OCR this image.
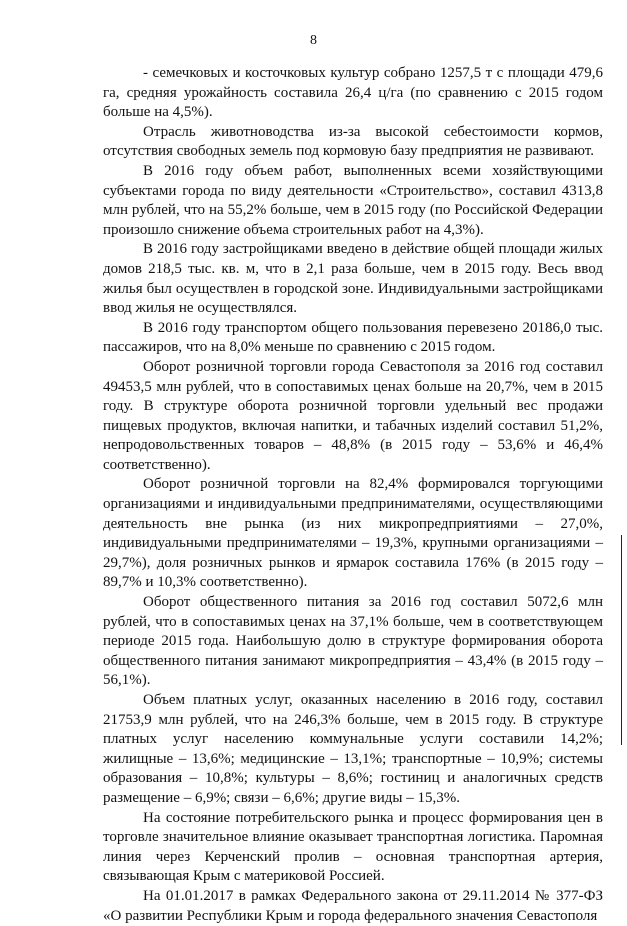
8

- семечковых и косточковых культур собрано 1257,5 т с площади 479,6 га, средняя урожайность составила 26,4 ц/га (по сравнению с 2015 годом больше на 4,5%).

Отрасль животноводства из-за высокой себестоимости кормов, отсутствия свободных земель под кормовую базу предприятия не развивают.

В 2016 году объем работ, выполненных всеми хозяйствующими субъектами города по виду деятельности «Строительство», составил 4313,8 млн рублей, что на 55,2% больше, чем в 2015 году (по Российской Федерации произошло снижение объема строительных работ на 4,3%).

В 2016 году застройщиками введено в действие общей площади жилых домов 218,5 тыс. кв. м, что в 2,1 раза больше, чем в 2015 году. Весь ввод жилья был осуществлен в городской зоне. Индивидуальными застройщиками ввод жилья не осуществлялся.

В 2016 году транспортом общего пользования перевезено 20186,0 тыс. пассажиров, что на 8,0% меньше по сравнению с 2015 годом.

Оборот розничной торговли города Севастополя за 2016 год составил 49453,5 млн рублей, что в сопоставимых ценах больше на 20,7%, чем в 2015 году. В структуре оборота розничной торговли удельный вес продажи пищевых продуктов, включая напитки, и табачных изделий составил 51,2%, непродовольственных товаров – 48,8% (в 2015 году – 53,6% и 46,4% соответственно).

Оборот розничной торговли на 82,4% формировался торгующими организациями и индивидуальными предпринимателями, осуществляющими деятельность вне рынка (из них микропредприятиями – 27,0%, индивидуальными предпринимателями – 19,3%, крупными организациями – 29,7%), доля розничных рынков и ярмарок составила 176% (в 2015 году – 89,7% и 10,3% соответственно).

Оборот общественного питания за 2016 год составил 5072,6 млн рублей, что в сопоставимых ценах на 37,1% больше, чем в соответствующем периоде 2015 года. Наибольшую долю в структуре формирования оборота общественного питания занимают микропредприятия – 43,4% (в 2015 году – 56,1%).

Объем платных услуг, оказанных населению в 2016 году, составил 21753,9 млн рублей, что на 246,3% больше, чем в 2015 году. В структуре платных услуг населению коммунальные услуги составили 14,2%; жилищные – 13,6%; медицинские – 13,1%; транспортные – 10,9%; системы образования – 10,8%; культуры – 8,6%; гостиниц и аналогичных средств размещение – 6,9%; связи – 6,6%; другие виды – 15,3%.

На состояние потребительского рынка и процесс формирования цен в торговле значительное влияние оказывает транспортная логистика. Паромная линия через Керченский пролив – основная транспортная артерия, связывающая Крым с материковой Россией.

На 01.01.2017 в рамках Федерального закона от 29.11.2014 № 377-ФЗ «О развитии Республики Крым и города федерального значения Севастополя
